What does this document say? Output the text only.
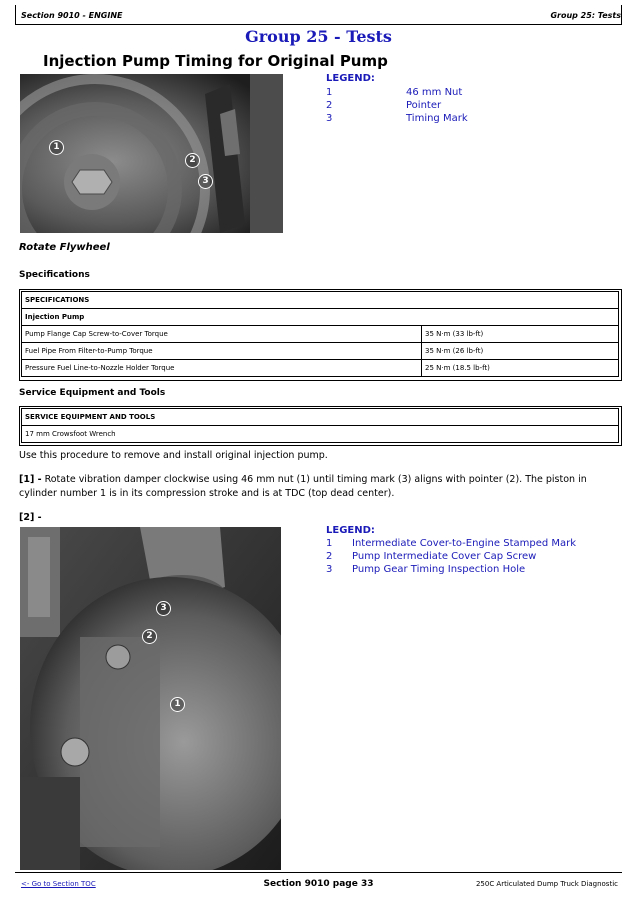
Section 9010 - ENGINE	Group 25: Tests
Group 25 - Tests
Injection Pump Timing for Original Pump
1
2
3
LEGEND:
1	46 mm Nut
2	Pointer
3	Timing Mark
Rotate Flywheel
Specifications
SPECIFICATIONS	
Injection Pump	
Pump Flange Cap Screw-to-Cover Torque	35 N·m (33 lb-ft)
Fuel Pipe From Filter-to-Pump Torque	35 N·m (26 lb-ft)
Pressure Fuel Line-to-Nozzle Holder Torque	25 N·m (18.5 lb-ft)
Service Equipment and Tools
SERVICE EQUIPMENT AND TOOLS
17 mm Crowsfoot Wrench
Use this procedure to remove and install original injection pump.
[1] - Rotate vibration damper clockwise using 46 mm nut (1) until timing mark (3) aligns with pointer (2). The piston in cylinder number 1 is in its compression stroke and is at TDC (top dead center).
[2] -
3
2
1
LEGEND:
1 Intermediate Cover-to-Engine Stamped Mark
2 Pump Intermediate Cover Cap Screw
3 Pump Gear Timing Inspection Hole
<- Go to Section TOC	Section 9010 page 33	250C Articulated Dump Truck Diagnostic
